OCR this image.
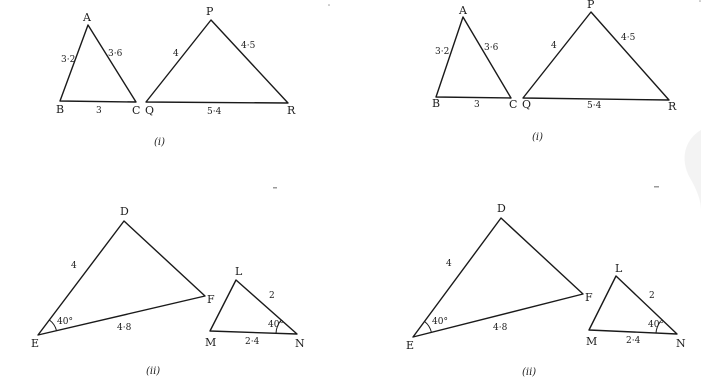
A
B	C
3·2
3·6
3
P
Q	R
4
4·5
5·4
(i)
D
E
F
4
4·8
40°
L
M	N
2
2·4
40°
(ii)
A
B	C
3·2	3·6
3
P
Q	R
4
4·5
5·4
(i)
D
E
F
4
4·8
40°
L
M	N
2
2·4
40°
(ii)
